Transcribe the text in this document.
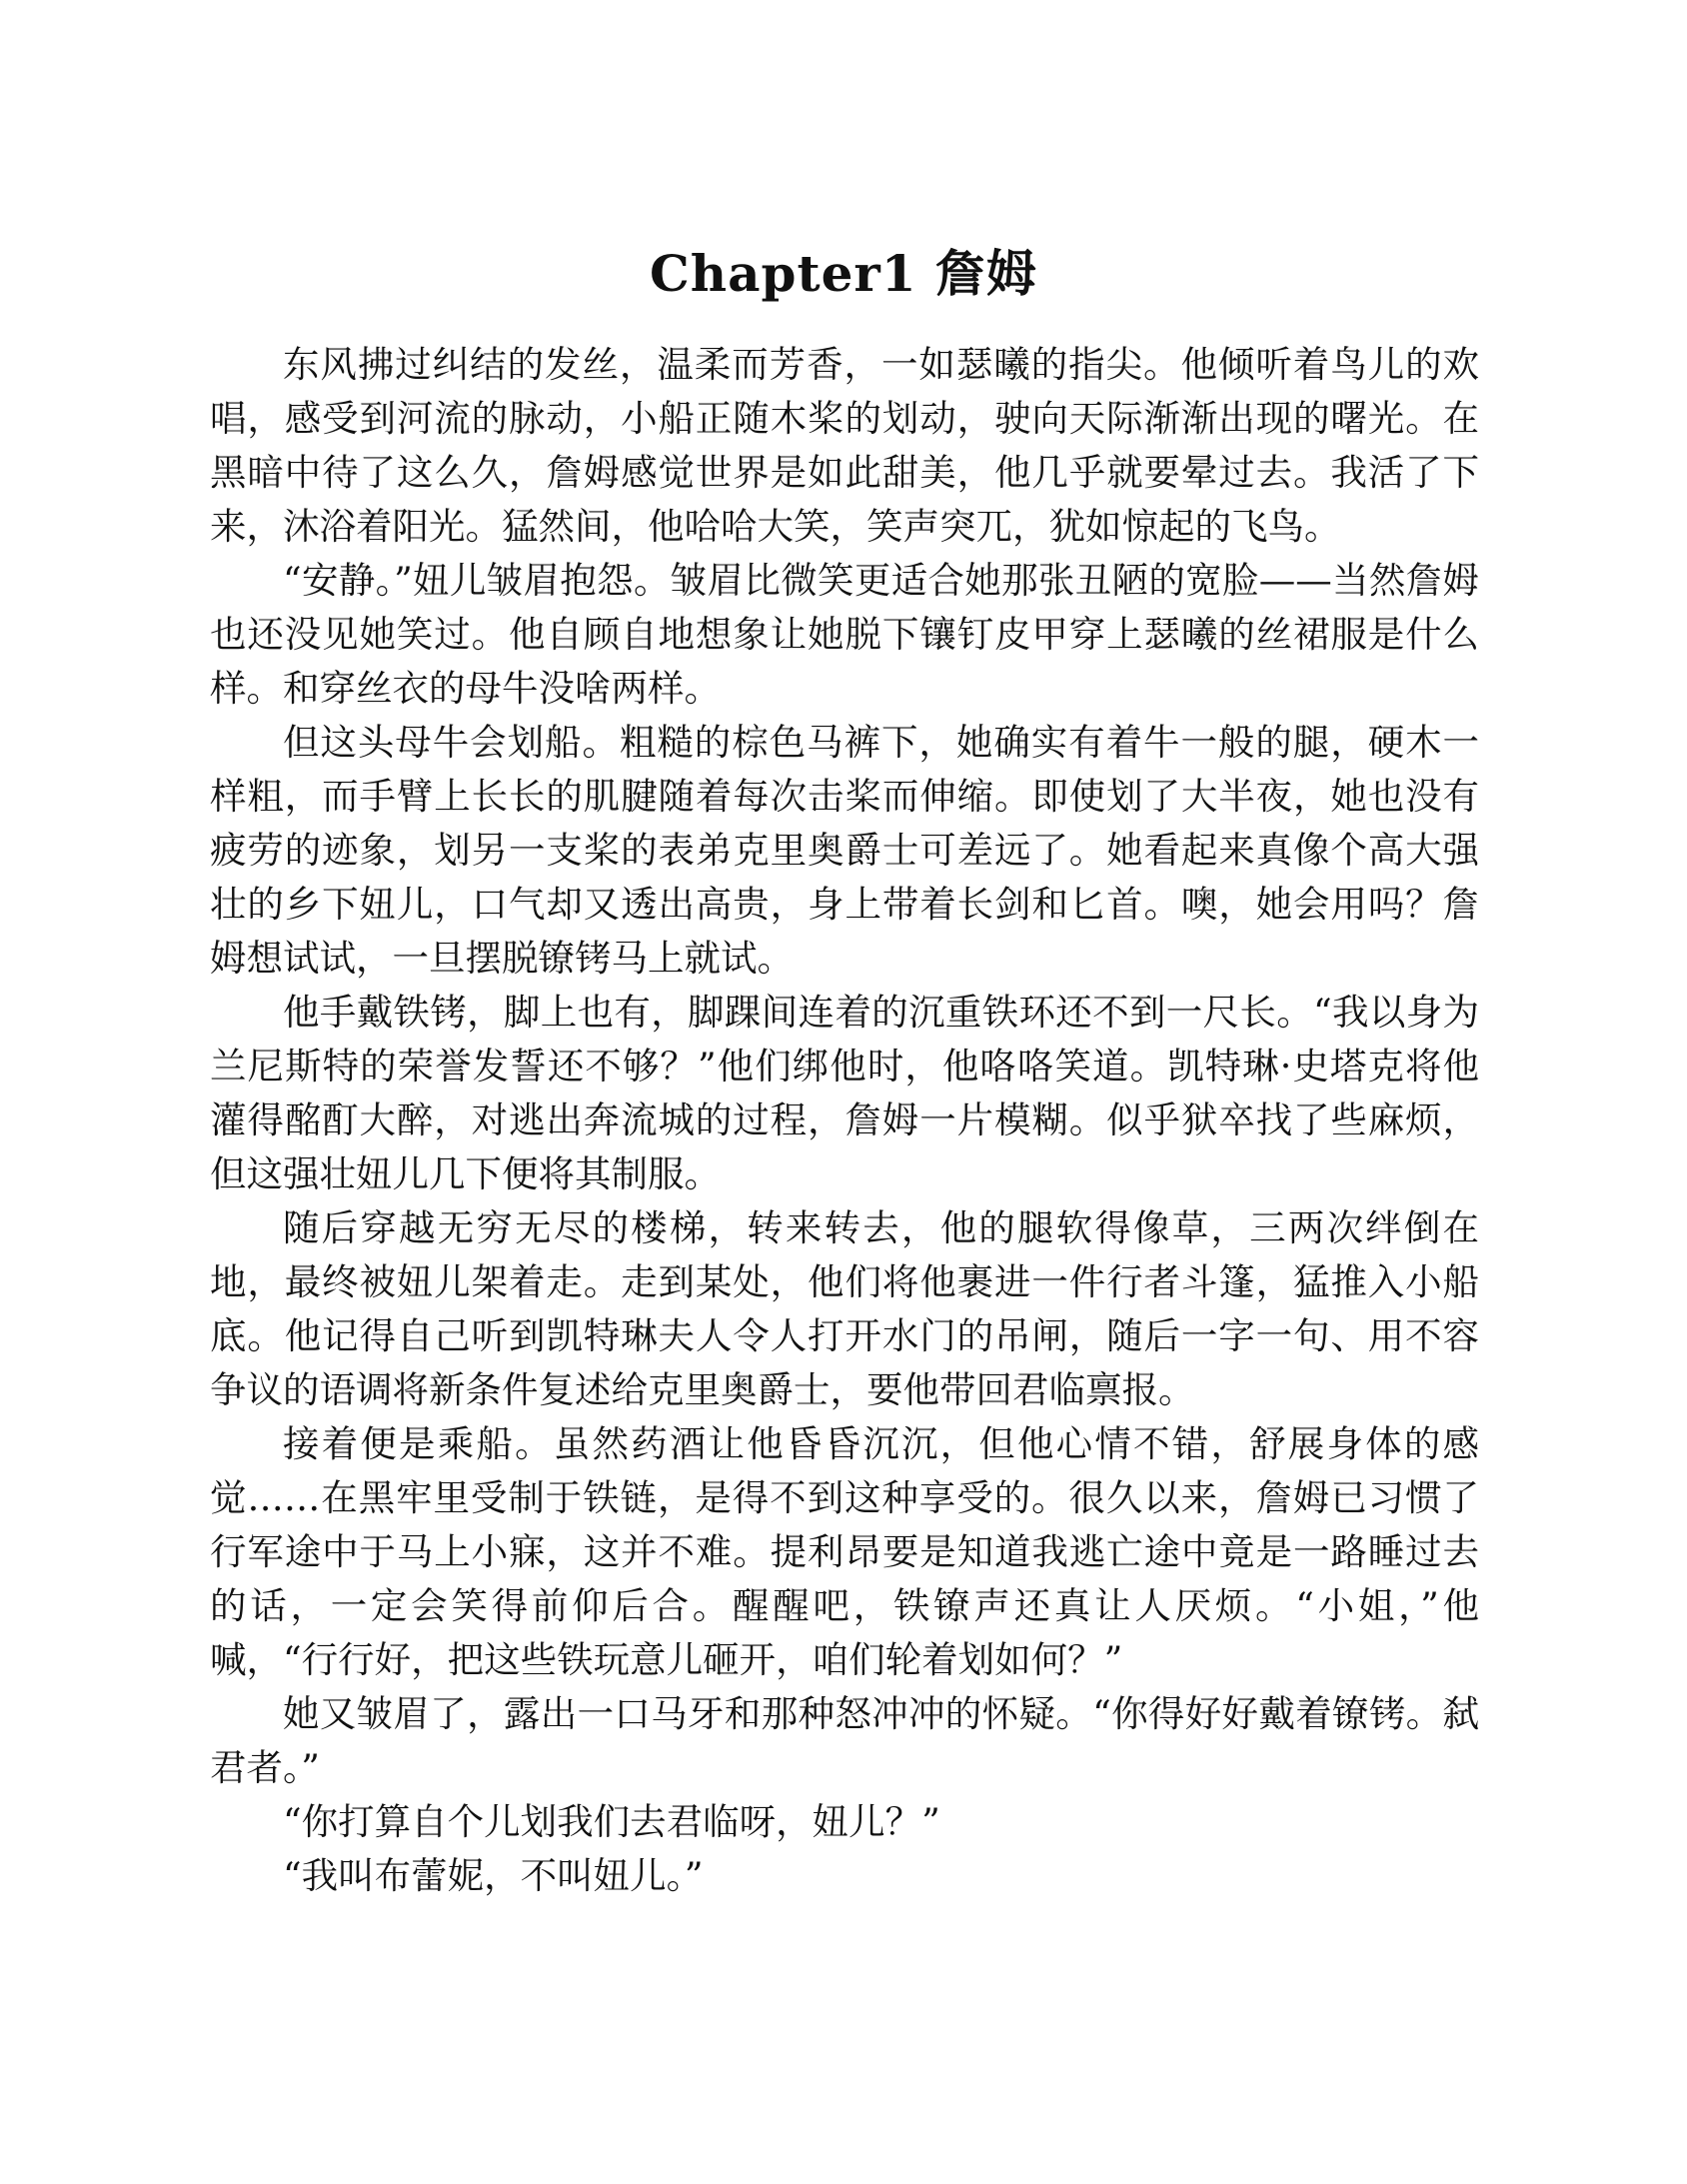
Chapter1 詹姆

东风拂过纠结的发丝，温柔而芳香，一如瑟曦的指尖。他倾听着鸟儿的欢唱，感受到河流的脉动，小船正随木桨的划动，驶向天际渐渐出现的曙光。在黑暗中待了这么久，詹姆感觉世界是如此甜美，他几乎就要晕过去。我活了下来，沐浴着阳光。猛然间，他哈哈大笑，笑声突兀，犹如惊起的飞鸟。

“安静。”妞儿皱眉抱怨。皱眉比微笑更适合她那张丑陋的宽脸——当然詹姆也还没见她笑过。他自顾自地想象让她脱下镶钉皮甲穿上瑟曦的丝裙服是什么样。和穿丝衣的母牛没啥两样。

但这头母牛会划船。粗糙的棕色马裤下，她确实有着牛一般的腿，硬木一样粗，而手臂上长长的肌腱随着每次击桨而伸缩。即使划了大半夜，她也没有疲劳的迹象，划另一支桨的表弟克里奥爵士可差远了。她看起来真像个高大强壮的乡下妞儿，口气却又透出高贵，身上带着长剑和匕首。噢，她会用吗？詹姆想试试，一旦摆脱镣铐马上就试。

他手戴铁铐，脚上也有，脚踝间连着的沉重铁环还不到一尺长。“我以身为兰尼斯特的荣誉发誓还不够？”他们绑他时，他咯咯笑道。凯特琳·史塔克将他灌得酩酊大醉，对逃出奔流城的过程，詹姆一片模糊。似乎狱卒找了些麻烦，但这强壮妞儿几下便将其制服。

随后穿越无穷无尽的楼梯，转来转去，他的腿软得像草，三两次绊倒在地，最终被妞儿架着走。走到某处，他们将他裹进一件行者斗篷，猛推入小船底。他记得自己听到凯特琳夫人令人打开水门的吊闸，随后一字一句、用不容争议的语调将新条件复述给克里奥爵士，要他带回君临禀报。

接着便是乘船。虽然药酒让他昏昏沉沉，但他心情不错，舒展身体的感觉……在黑牢里受制于铁链，是得不到这种享受的。很久以来，詹姆已习惯了行军途中于马上小寐，这并不难。提利昂要是知道我逃亡途中竟是一路睡过去的话，一定会笑得前仰后合。醒醒吧，铁镣声还真让人厌烦。“小姐，”他喊，“行行好，把这些铁玩意儿砸开，咱们轮着划如何？”

她又皱眉了，露出一口马牙和那种怒冲冲的怀疑。“你得好好戴着镣铐。弑君者。”

“你打算自个儿划我们去君临呀，妞儿？”

“我叫布蕾妮，不叫妞儿。”
